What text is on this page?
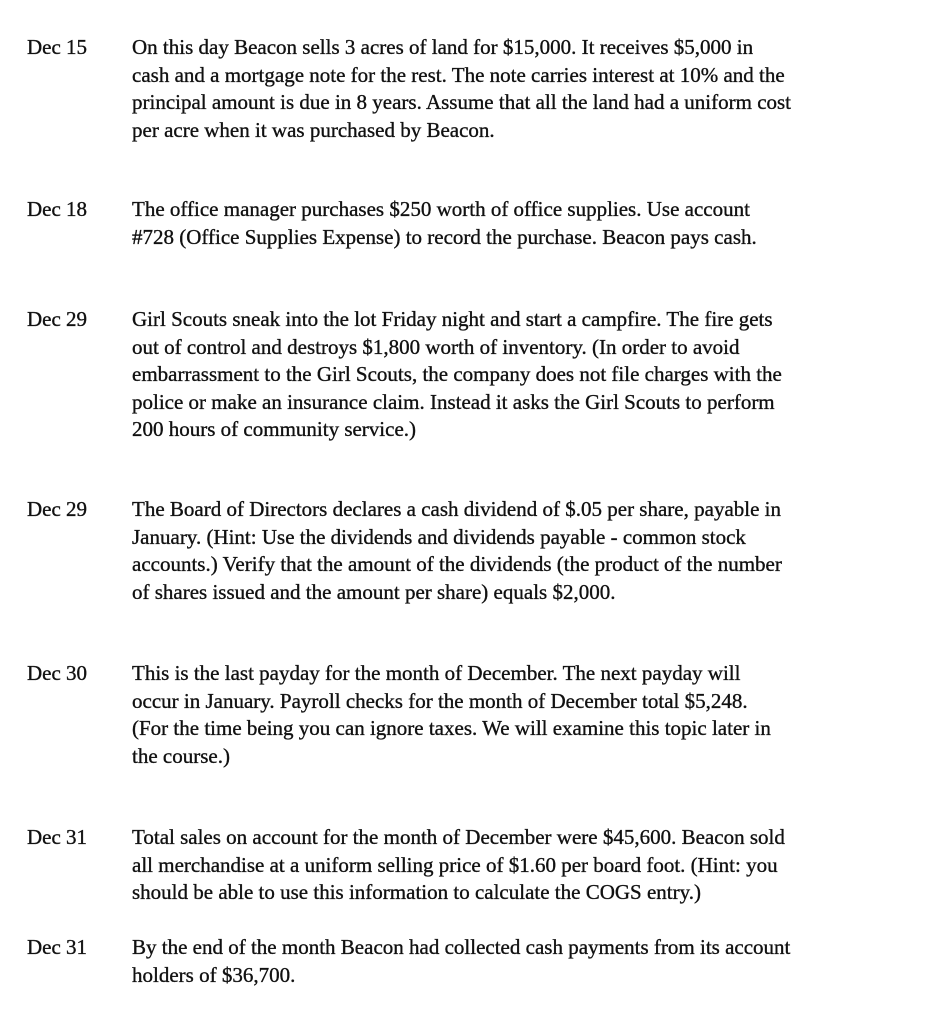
Dec 15 On this day Beacon sells 3 acres of land for $15,000. It receives $5,000 in
cash and a mortgage note for the rest. The note carries interest at 10% and the
principal amount is due in 8 years. Assume that all the land had a uniform cost
per acre when it was purchased by Beacon.
Dec 18 The office manager purchases $250 worth of office supplies. Use account
#728 (Office Supplies Expense) to record the purchase. Beacon pays cash.
Dec 29 Girl Scouts sneak into the lot Friday night and start a campfire. The fire gets
out of control and destroys $1,800 worth of inventory. (In order to avoid
embarrassment to the Girl Scouts, the company does not file charges with the
police or make an insurance claim. Instead it asks the Girl Scouts to perform
200 hours of community service.)
Dec 29 The Board of Directors declares a cash dividend of $.05 per share, payable in
January. (Hint: Use the dividends and dividends payable - common stock
accounts.) Verify that the amount of the dividends (the product of the number
of shares issued and the amount per share) equals $2,000.
Dec 30 This is the last payday for the month of December. The next payday will
occur in January. Payroll checks for the month of December total $5,248.
(For the time being you can ignore taxes. We will examine this topic later in
the course.)
Dec 31 Total sales on account for the month of December were $45,600. Beacon sold
all merchandise at a uniform selling price of $1.60 per board foot. (Hint: you
should be able to use this information to calculate the COGS entry.)
Dec 31 By the end of the month Beacon had collected cash payments from its account
holders of $36,700.
